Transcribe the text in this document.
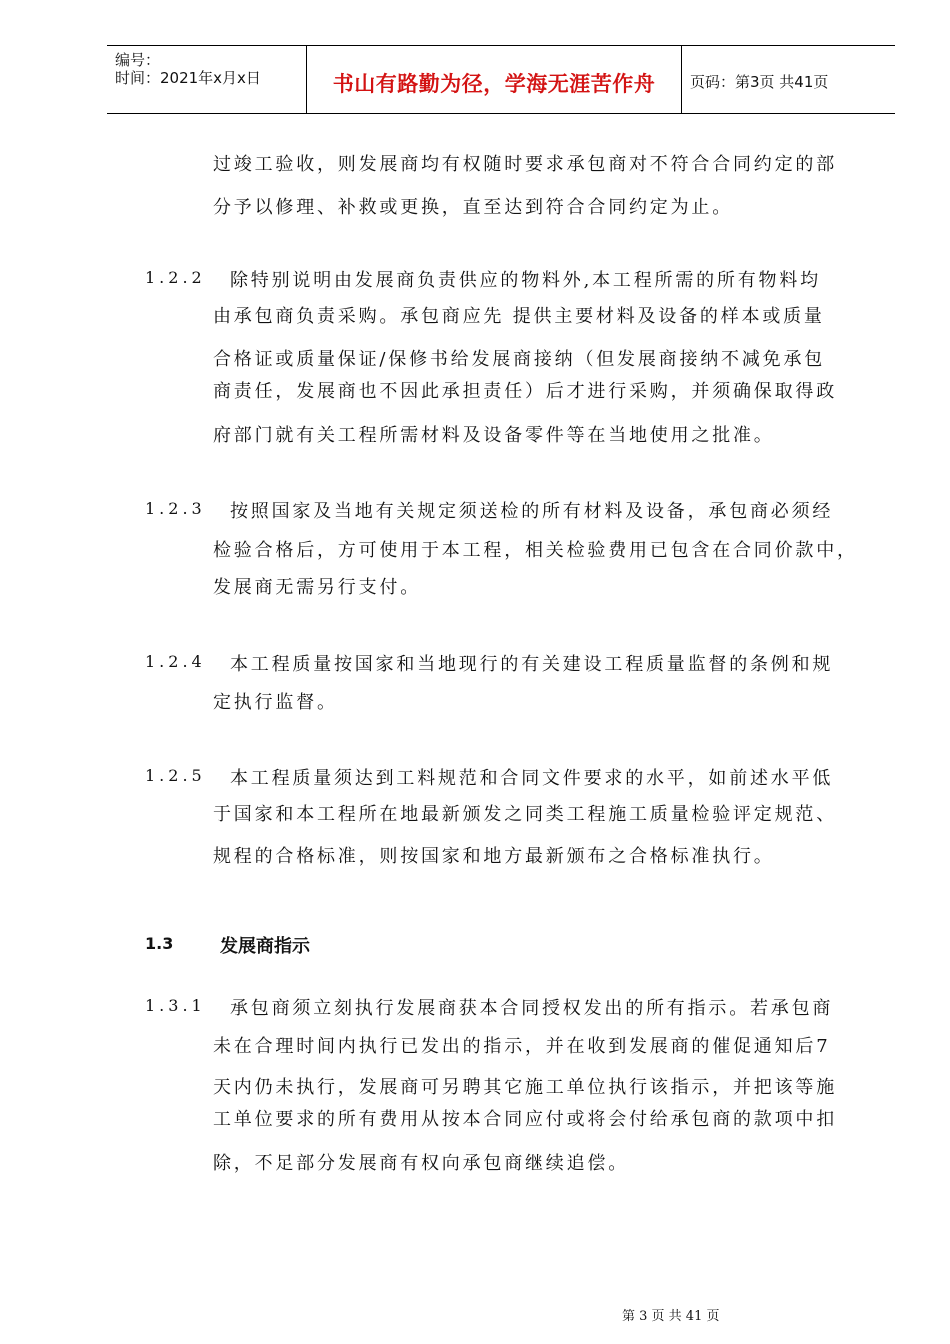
编号：
时间：2021年x月x日	书山有路勤为径，学海无涯苦作舟	页码：第3页 共41页
过竣工验收，则发展商均有权随时要求承包商对不符合合同约定的部
分予以修理、补救或更换，直至达到符合合同约定为止。
1.2.2 除特别说明由发展商负责供应的物料外,本工程所需的所有物料均
由承包商负责采购。承包商应先 提供主要材料及设备的样本或质量
合格证或质量保证/保修书给发展商接纳（但发展商接纳不减免承包
商责任，发展商也不因此承担责任）后才进行采购，并须确保取得政
府部门就有关工程所需材料及设备零件等在当地使用之批准。
1.2.3 按照国家及当地有关规定须送检的所有材料及设备，承包商必须经
检验合格后，方可使用于本工程，相关检验费用已包含在合同价款中，
发展商无需另行支付。
1.2.4 本工程质量按国家和当地现行的有关建设工程质量监督的条例和规
定执行监督。
1.2.5 本工程质量须达到工料规范和合同文件要求的水平，如前述水平低
于国家和本工程所在地最新颁发之同类工程施工质量检验评定规范、
规程的合格标准，则按国家和地方最新颁布之合格标准执行。
1.3	发展商指示
1.3.1 承包商须立刻执行发展商获本合同授权发出的所有指示。若承包商
未在合理时间内执行已发出的指示，并在收到发展商的催促通知后7
天内仍未执行，发展商可另聘其它施工单位执行该指示，并把该等施
工单位要求的所有费用从按本合同应付或将会付给承包商的款项中扣
除，不足部分发展商有权向承包商继续追偿。
第 3 页 共 41 页
